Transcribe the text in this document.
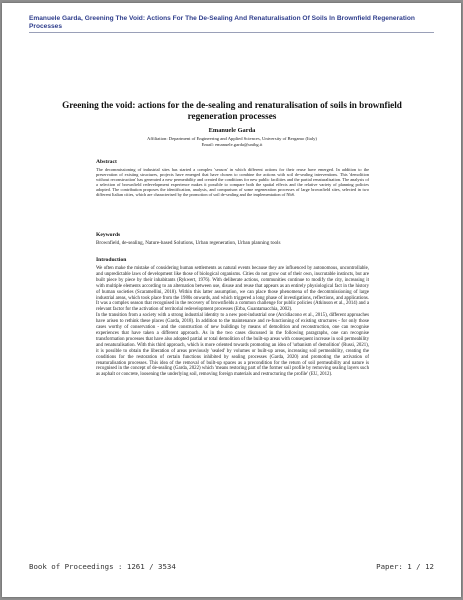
Emanuele Garda, Greening The Void: Actions For The De-Sealing And Renaturalisation Of Soils In Brownfield Regeneration Processes
Greening the void: actions for the de-sealing and renaturalisation of soils in brownfield regeneration processes
Emanuele Garda
Affiliation: Department of Engineering and Applied Sciences, University of Bergamo (Italy)
Email: emanuele.garda@unibg.it
Abstract
The decommissioning of industrial sites has started a complex 'season' in which different actions for their reuse have emerged. In addition to the preservation of existing structures, projects have emerged that have chosen to combine the actions with soil de-sealing interventions. This 'demolition without reconstruction' has generated a new permeability and created the conditions for new public facilities and the partial renaturalisation. The analysis of a selection of brownfield redevelopment experience makes it possible to compare both the spatial effects and the relative variety of planning policies adopted. The contribution proposes the identification, analysis, and comparison of some regeneration processes of large brownfield sites, selected in two different Italian cities, which are characterised by the promotion of soil de-sealing and the implementation of NbS.
Keywords
Brownfield, de-sealing, Nature-based Solutions, Urban regeneration, Urban planning tools
Introduction

We often make the mistake of considering human settlements as natural events because they are influenced by autonomous, uncontrollable, and unpredictable laws of development like those of biological organisms. Cities do not grow out of their own, inscrutable instincts, but are built piece by piece by their inhabitants (Rykwert, 1976). With deliberate actions, communities continue to modify the city, increasing it with multiple elements according to an alternation between use, disuse and reuse that appears as an entirely physiological fact in the history of human societies (Scaramellini, 2018). Within this latter assumption, we can place those phenomena of the decommissioning of large industrial areas, which took place from the 1980s onwards, and which triggered a long phase of investigations, reflections, and applications. It was a complex season that recognised in the recovery of brownfields a common challenge for public policies (Atkinson et al., 2014) and a relevant factor for the activation of territorial redevelopment processes (Erba, Guantamacchia, 2002).

In the transition from a society with a strong industrial identity to a new post-industrial one (Arcidiacono et al., 2015), different approaches have arisen to rethink these places (Garda, 2018). In addition to the maintenance and re-functioning of existing structures - for only those cases worthy of conservation - and the construction of new buildings by means of demolition and reconstruction, one can recognise experiences that have taken a different approach. As in the two cases discussed in the following paragraphs, one can recognise transformation processes that have also adopted partial or total demolition of the built-up areas with consequent increase in soil permeability and renaturalisation. With this third approach, which is more oriented towards promoting an idea of 'urbanism of demolition' (Russi, 2021), it is possible to obtain the liberation of areas previously 'sealed' by volumes or built-up areas, increasing soil permeability, creating the conditions for the restoration of certain functions inhibited by sealing processes (Garda, 2020) and promoting the activation of renaturalisation processes. This idea of the removal of built-up spaces as a precondition for the return of soil permeability and nature is recognised in the concept of de-sealing (Garda, 2022) which 'means restoring part of the former soil profile by removing sealing layers such as asphalt or concrete, loosening the underlying soil, removing foreign materials and restructuring the profile' (EU, 2012).

Book of Proceedings : 1261 / 3534	Paper: 1 / 12
